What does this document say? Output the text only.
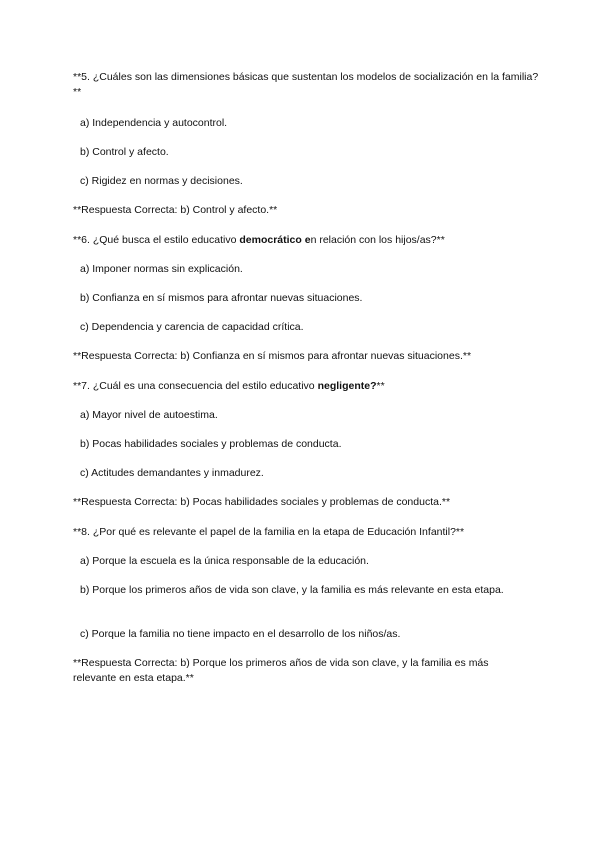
**5. ¿Cuáles son las dimensiones básicas que sustentan los modelos de socialización en la familia?**
a) Independencia y autocontrol.
b) Control y afecto.
c) Rigidez en normas y decisiones.
**Respuesta Correcta: b) Control y afecto.**
**6. ¿Qué busca el estilo educativo democrático en relación con los hijos/as?**
a) Imponer normas sin explicación.
b) Confianza en sí mismos para afrontar nuevas situaciones.
c) Dependencia y carencia de capacidad crítica.
**Respuesta Correcta: b) Confianza en sí mismos para afrontar nuevas situaciones.**
**7. ¿Cuál es una consecuencia del estilo educativo negligente?**
a) Mayor nivel de autoestima.
b) Pocas habilidades sociales y problemas de conducta.
c) Actitudes demandantes y inmadurez.
**Respuesta Correcta: b) Pocas habilidades sociales y problemas de conducta.**
**8. ¿Por qué es relevante el papel de la familia en la etapa de Educación Infantil?**
a) Porque la escuela es la única responsable de la educación.
b) Porque los primeros años de vida son clave, y la familia es más relevante en esta etapa.
c) Porque la familia no tiene impacto en el desarrollo de los niños/as.
**Respuesta Correcta: b) Porque los primeros años de vida son clave, y la familia es más relevante en esta etapa.**
